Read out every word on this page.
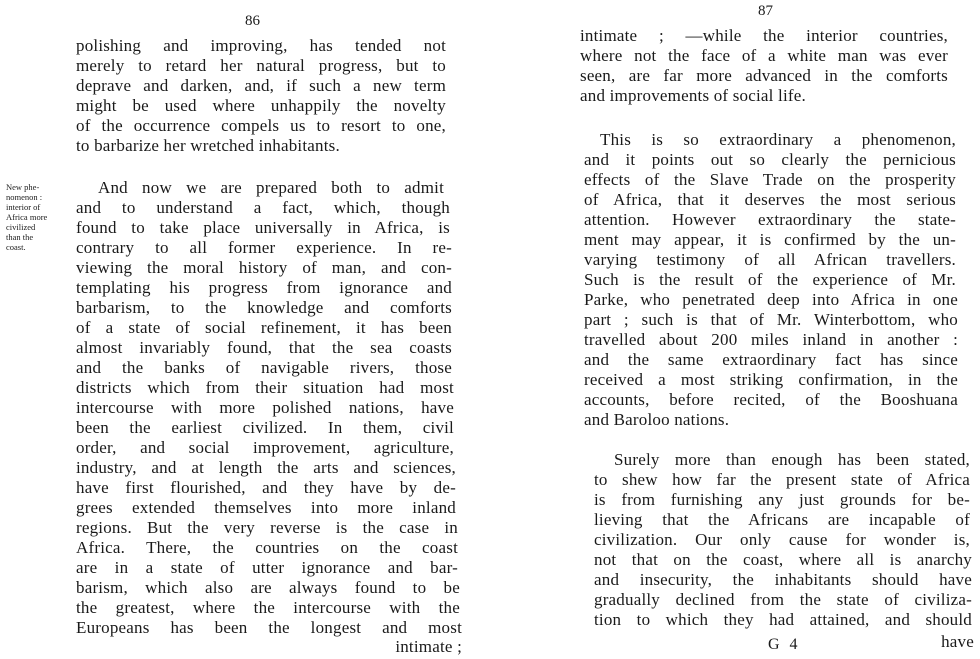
86
polishing and improving, has tended not
merely to retard her natural progress, but to
deprave and darken, and, if such a new term
might be used where unhappily the novelty
of the occurrence compels us to resort to one,
to barbarize her wretched inhabitants.
New phe-
nomenon :
interior of
Africa more
civilized
than the
coast.
And now we are prepared both to admit
and to understand a fact, which, though
found to take place universally in Africa, is
contrary to all former experience. In re-
viewing the moral history of man, and con-
templating his progress from ignorance and
barbarism, to the knowledge and comforts
of a state of social refinement, it has been
almost invariably found, that the sea coasts
and the banks of navigable rivers, those
districts which from their situation had most
intercourse with more polished nations, have
been the earliest civilized. In them, civil
order, and social improvement, agriculture,
industry, and at length the arts and sciences,
have first flourished, and they have by de-
grees extended themselves into more inland
regions. But the very reverse is the case in
Africa. There, the countries on the coast
are in a state of utter ignorance and bar-
barism, which also are always found to be
the greatest, where the intercourse with the
Europeans has been the longest and most
intimate ;
87
intimate ; —while the interior countries,
where not the face of a white man was ever
seen, are far more advanced in the comforts
and improvements of social life.
This is so extraordinary a phenomenon,
and it points out so clearly the pernicious
effects of the Slave Trade on the prosperity
of Africa, that it deserves the most serious
attention. However extraordinary the state-
ment may appear, it is confirmed by the un-
varying testimony of all African travellers.
Such is the result of the experience of Mr.
Parke, who penetrated deep into Africa in one
part ; such is that of Mr. Winterbottom, who
travelled about 200 miles inland in another :
and the same extraordinary fact has since
received a most striking confirmation, in the
accounts, before recited, of the Booshuana
and Baroloo nations.
Surely more than enough has been stated,
to shew how far the present state of Africa
is from furnishing any just grounds for be-
lieving that the Africans are incapable of
civilization. Our only cause for wonder is,
not that on the coast, where all is anarchy
and insecurity, the inhabitants should have
gradually declined from the state of civiliza-
tion to which they had attained, and should
G 4	have
